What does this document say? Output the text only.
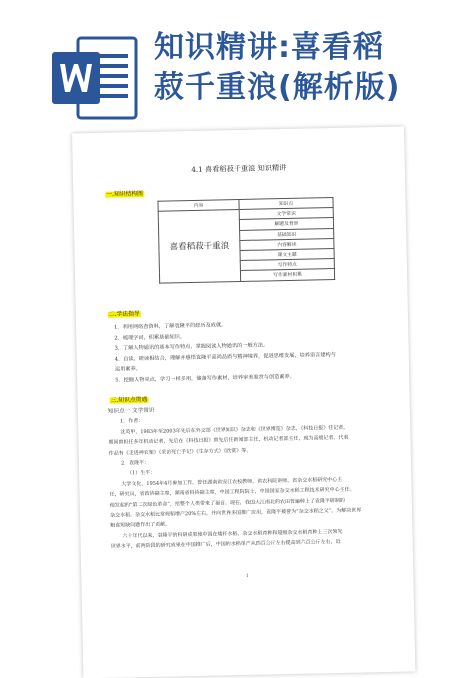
知识精讲:喜看稻
菽千重浪(解析版)
4.1 喜看稻菽千重浪 知识精讲
一.知识结构图
内容	知识点
喜看稻菽千重浪	文学常识
	解题及背景
	基础知识
	内容解读
	课文主题
	写作特点
	写作素材积累
二.学法指导
1．利用网络查资料，了解袁隆平的经历及成就。
2．梳理字词，积累基础知识。
3．了解人物通讯的基本写作特点，掌握阅读人物通讯的一般方法。
4．自读、研读相结合，理解并感悟袁隆平高尚品质与精神境界，促进思维发展，培养语言建构与
运用素养。
5．挖掘人物亮点，学习一样多用，储备写作素材，培养审美鉴赏与创造素养。
三.知识点贯通
知识点一 文学常识
1．作者：
沈英甲，1983年至2003年先后在外交部《世界知识》杂志和《世界博览》杂志，《科技日报》任记者，
期间曾担任多年机动记者，先后在《科技日报》曾先后任新闻部主任，机动记者部主任，现为高级记者。代表
作品有《走进神农架》《采访死亡手记》《生存方式》《欣赏》等。
2．袁隆平：
（1）生平：
大学文化，1954年4月参加工作。曾任湖南省安江农校教师，省农科院讲师，省杂交水稻研究中心主
任，研究员，省政协副主席，湖南省科协副主席，中国工程院院士，中国国家杂交水稻工程技术研究中心主任。
他发起的“第二次绿色革命”，给整个人类带来了福音。现在，我国大江南北的农田普遍种上了袁隆平研制的
杂交水稻。杂交水稻比常规稻增产20%左右，并向世界多国推广应用，袁隆平被誉为“杂交水稻之父”，为解决世界
粮食短缺问题作出了贡献。
六十年代以来，袁隆平的科研成果使中国在矮秆水稻、杂交水稻育种和超级杂交水稻育种上三次领先
世界水平，前两阶段的研究成果在中国推广后，中国的水稻单产从四百公斤左右提高到六百公斤左右，近
1
